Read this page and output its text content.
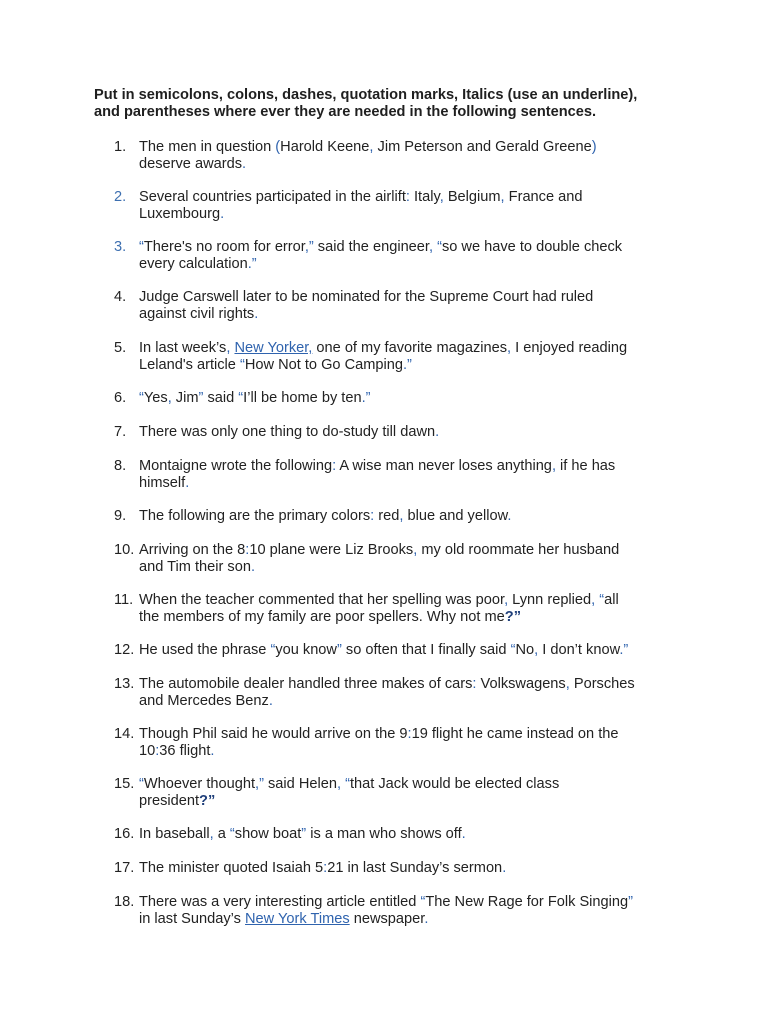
Put in semicolons, colons, dashes, quotation marks, Italics (use an underline),
and parentheses where ever they are needed in the following sentences.

1. The men in question (Harold Keene, Jim Peterson and Gerald Greene)
deserve awards.
2. Several countries participated in the airlift: Italy, Belgium, France and
Luxembourg.
3. “There's no room for error,” said the engineer, “so we have to double check
every calculation.”
4. Judge Carswell later to be nominated for the Supreme Court had ruled
against civil rights.
5. In last week’s, New Yorker, one of my favorite magazines, I enjoyed reading
Leland's article “How Not to Go Camping.”
6. “Yes, Jim” said “I’ll be home by ten.”
7. There was only one thing to do-study till dawn.
8. Montaigne wrote the following: A wise man never loses anything, if he has
himself.
9. The following are the primary colors: red, blue and yellow.
10. Arriving on the 8:10 plane were Liz Brooks, my old roommate her husband
and Tim their son.
11. When the teacher commented that her spelling was poor, Lynn replied, “all
the members of my family are poor spellers. Why not me?”
12. He used the phrase “you know” so often that I finally said “No, I don’t know.”
13. The automobile dealer handled three makes of cars: Volkswagens, Porsches
and Mercedes Benz.
14. Though Phil said he would arrive on the 9:19 flight he came instead on the
10:36 flight.
15. “Whoever thought,” said Helen, “that Jack would be elected class
president?”
16. In baseball, a “show boat” is a man who shows off.
17. The minister quoted Isaiah 5:21 in last Sunday’s sermon.
18. There was a very interesting article entitled “The New Rage for Folk Singing”
in last Sunday’s New York Times newspaper.
